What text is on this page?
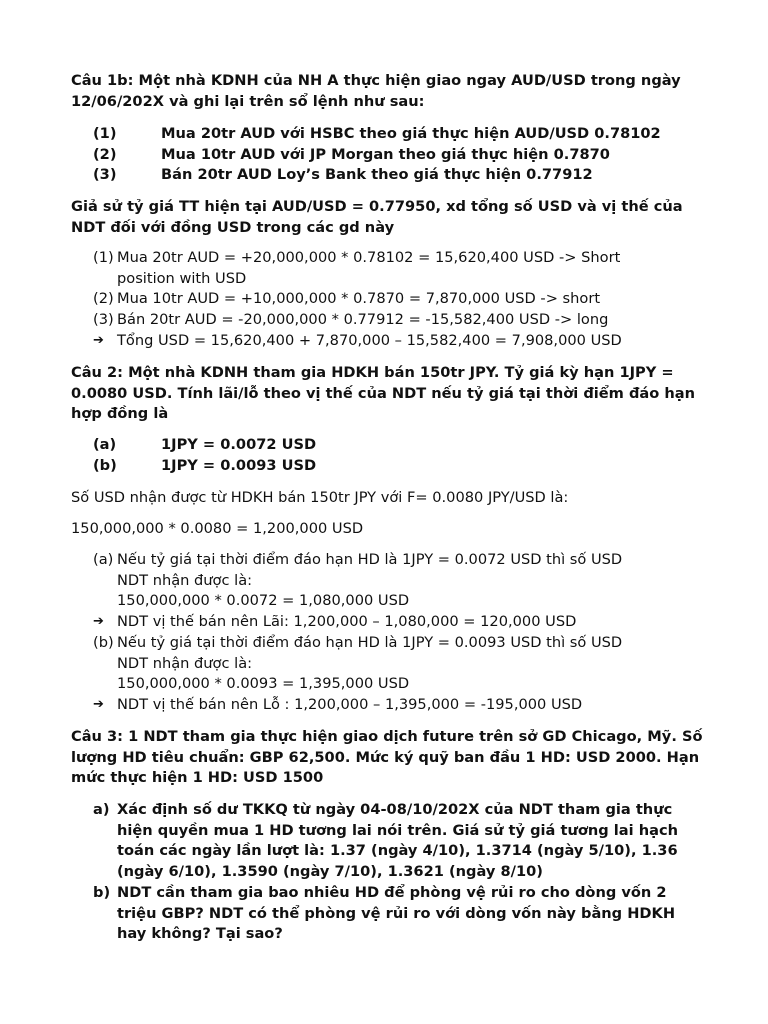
Câu 1b: Một nhà KDNH của NH A thực hiện giao ngay AUD/USD trong ngày 12/06/202X và ghi lại trên sổ lệnh như sau:
(1)	Mua 20tr AUD với HSBC theo giá thực hiện AUD/USD 0.78102
(2)	Mua 10tr AUD với JP Morgan theo giá thực hiện 0.7870
(3)	Bán 20tr AUD Loy’s Bank theo giá thực hiện 0.77912
Giả sử tỷ giá TT hiện tại AUD/USD = 0.77950, xd tổng số USD và vị thế của NDT đối với đồng USD trong các gd này
(1) Mua 20tr AUD = +20,000,000 * 0.78102 = 15,620,400 USD -> Short position with USD
(2) Mua 10tr AUD = +10,000,000 * 0.7870 = 7,870,000 USD -> short
(3) Bán 20tr AUD = -20,000,000 * 0.77912 = -15,582,400 USD -> long
➔ Tổng USD = 15,620,400 + 7,870,000 – 15,582,400 = 7,908,000 USD
Câu 2: Một nhà KDNH tham gia HDKH bán 150tr JPY. Tỷ giá kỳ hạn 1JPY = 0.0080 USD. Tính lãi/lỗ theo vị thế của NDT nếu tỷ giá tại thời điểm đáo hạn hợp đồng là
(a)	1JPY = 0.0072 USD
(b)	1JPY = 0.0093 USD
Số USD nhận được từ HDKH bán 150tr JPY với F= 0.0080 JPY/USD là:
150,000,000 * 0.0080 = 1,200,000 USD
(a) Nếu tỷ giá tại thời điểm đáo hạn HD là 1JPY = 0.0072 USD thì số USD NDT nhận được là:
150,000,000 * 0.0072 = 1,080,000 USD
➔ NDT vị thế bán nên Lãi: 1,200,000 – 1,080,000 = 120,000 USD
(b) Nếu tỷ giá tại thời điểm đáo hạn HD là 1JPY = 0.0093 USD thì số USD NDT nhận được là:
150,000,000 * 0.0093 = 1,395,000 USD
➔ NDT vị thế bán nên Lỗ : 1,200,000 – 1,395,000 = -195,000 USD
Câu 3: 1 NDT tham gia thực hiện giao dịch future trên sở GD Chicago, Mỹ. Số lượng HD tiêu chuẩn: GBP 62,500. Mức ký quỹ ban đầu 1 HD: USD 2000. Hạn mức thực hiện 1 HD: USD 1500
a) Xác định số dư TKKQ từ ngày 04-08/10/202X của NDT tham gia thực hiện quyền mua 1 HD tương lai nói trên. Giá sử tỷ giá tương lai hạch toán các ngày lần lượt là: 1.37 (ngày 4/10), 1.3714 (ngày 5/10), 1.36 (ngày 6/10), 1.3590 (ngày 7/10), 1.3621 (ngày 8/10)
b) NDT cần tham gia bao nhiêu HD để phòng vệ rủi ro cho dòng vốn 2 triệu GBP? NDT có thể phòng vệ rủi ro với dòng vốn này bằng HDKH hay không? Tại sao?
